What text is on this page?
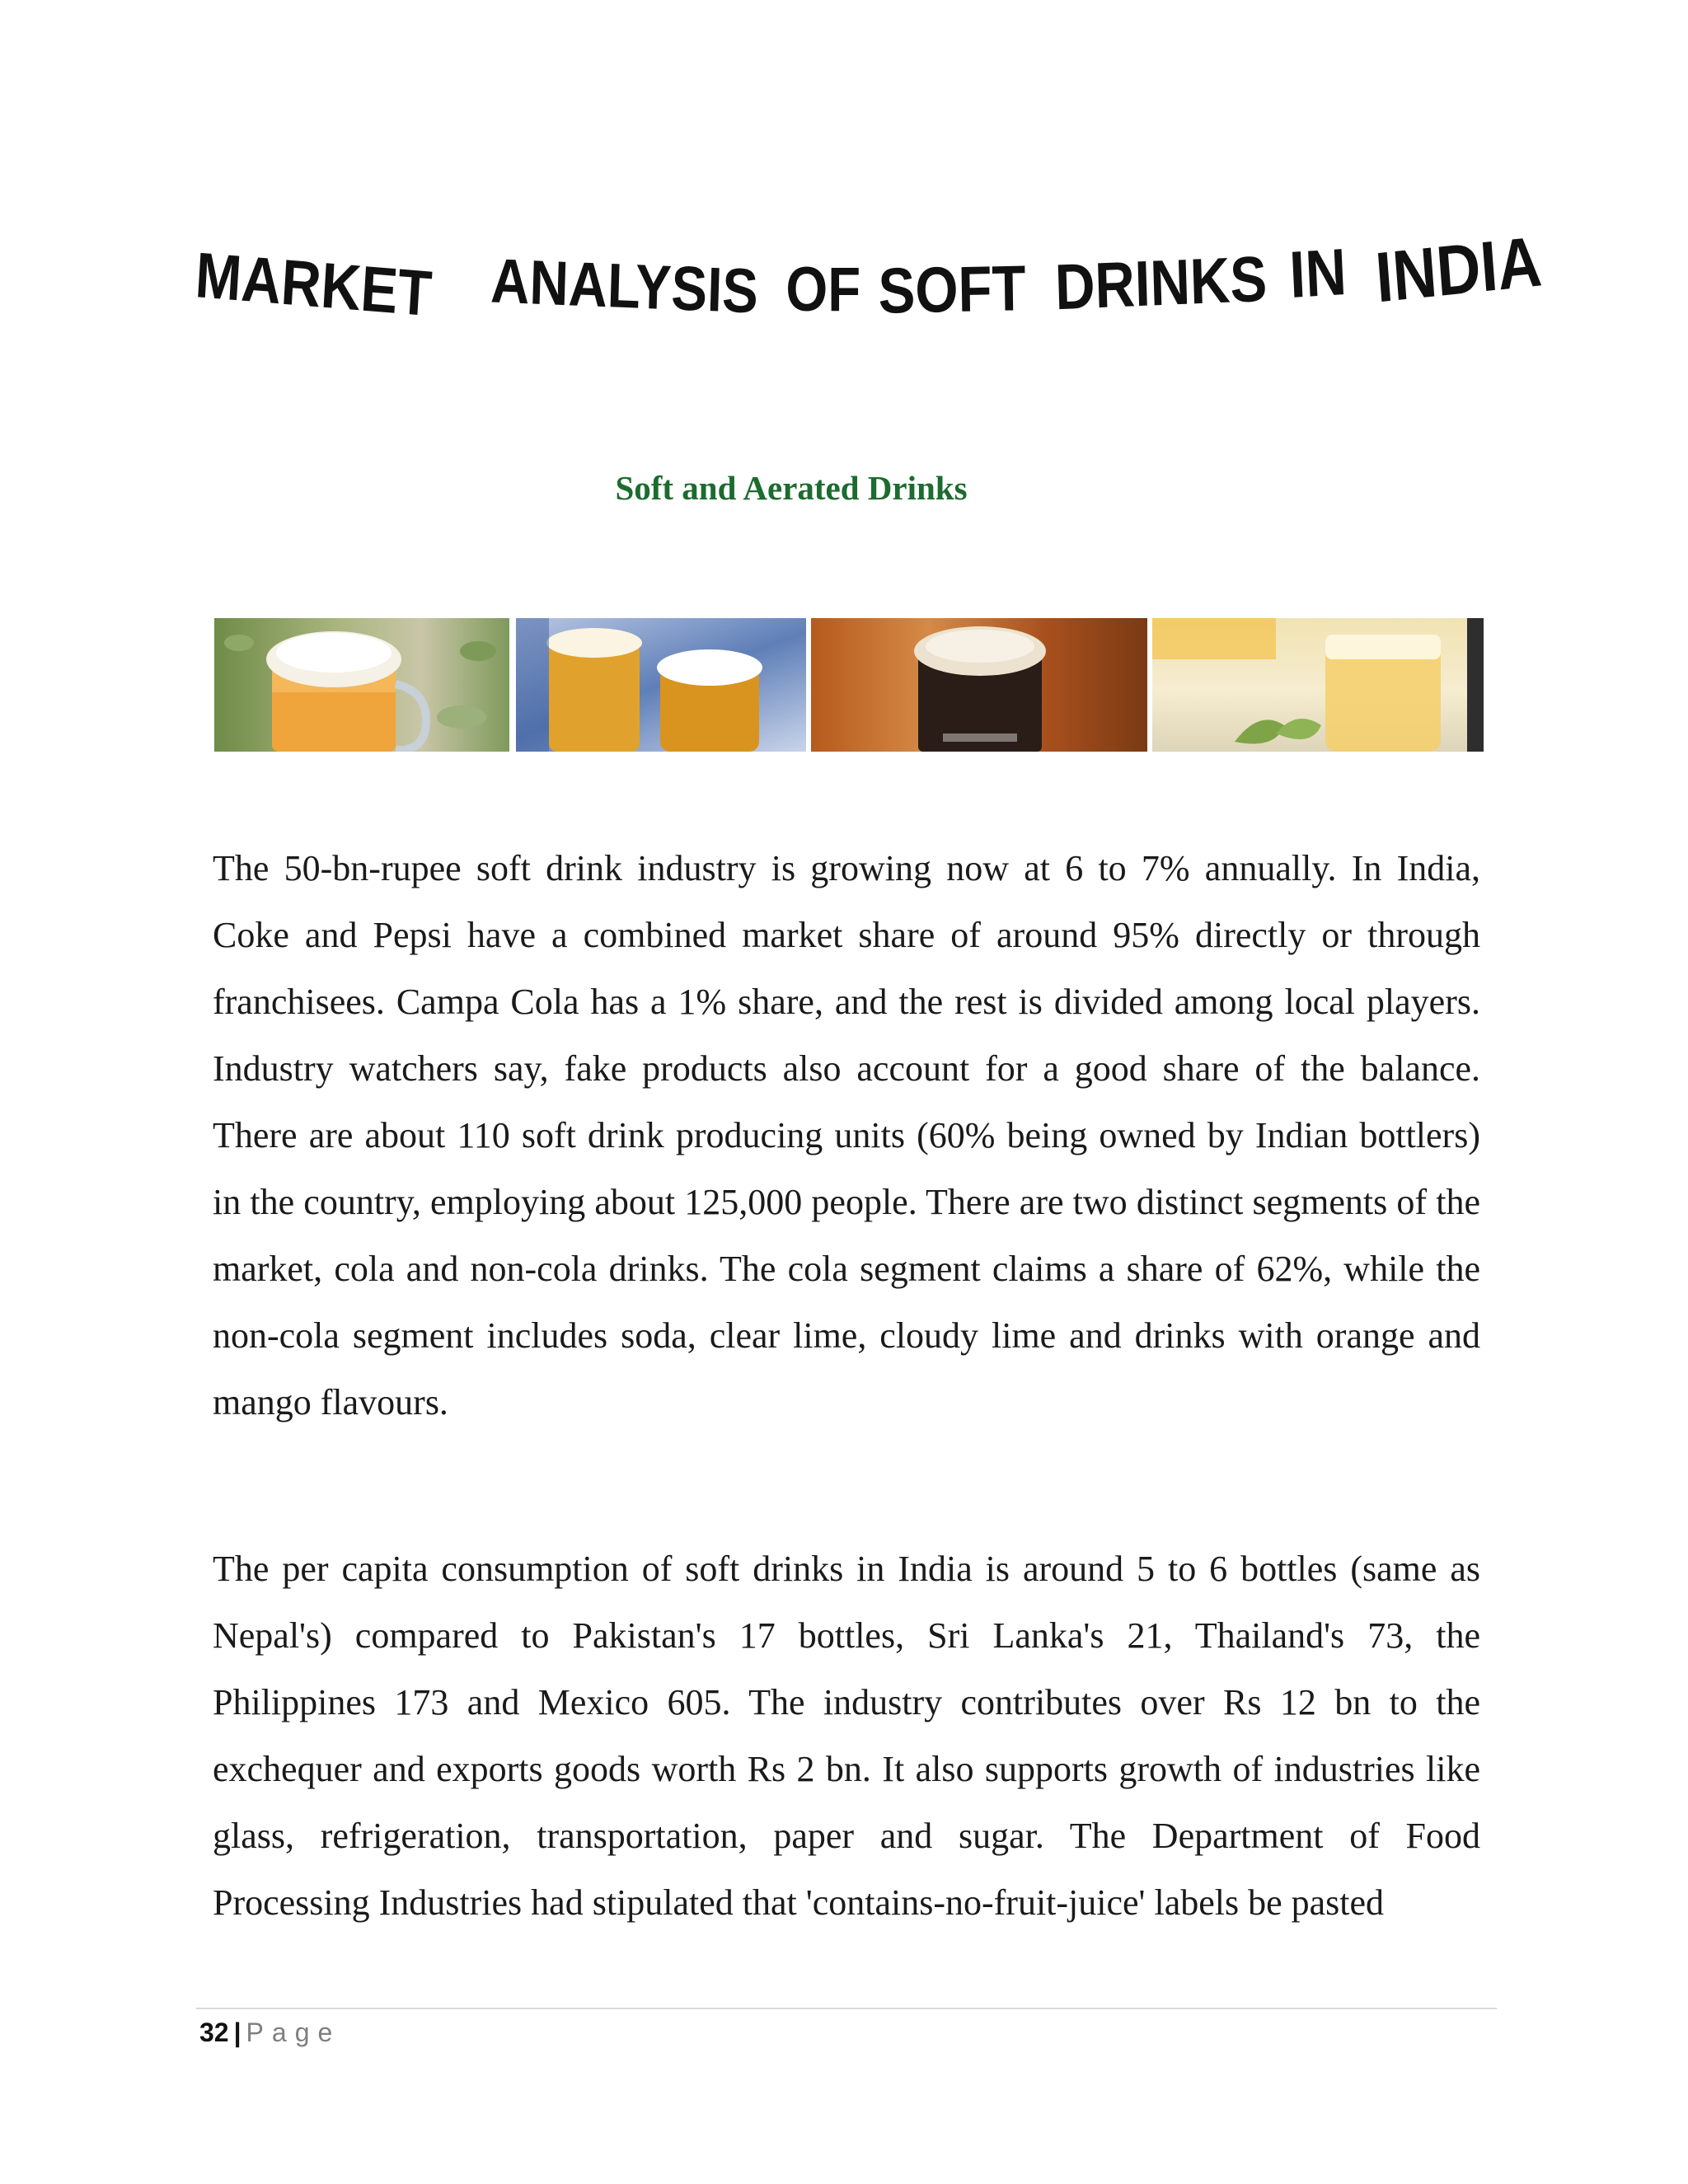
MARKET ANALYSIS OF SOFT DRINKS IN INDIA
Soft and Aerated Drinks

The 50-bn-rupee soft drink industry is growing now at 6 to 7% annually. In India, Coke and Pepsi have a combined market share of around 95% directly or through franchisees. Campa Cola has a 1% share, and the rest is divided among local players. Industry watchers say, fake products also account for a good share of the balance. There are about 110 soft drink producing units (60% being owned by Indian bottlers) in the country, employing about 125,000 people. There are two distinct segments of the market, cola and non-cola drinks. The cola segment claims a share of 62%, while the non-cola segment includes soda, clear lime, cloudy lime and drinks with orange and mango flavours.

The per capita consumption of soft drinks in India is around 5 to 6 bottles (same as Nepal's) compared to Pakistan's 17 bottles, Sri Lanka's 21, Thailand's 73, the Philippines 173 and Mexico 605. The industry contributes over Rs 12 bn to the exchequer and exports goods worth Rs 2 bn. It also supports growth of industries like glass, refrigeration, transportation, paper and sugar. The Department of Food Processing Industries had stipulated that 'contains-no-fruit-juice' labels be pasted

32 | Page
